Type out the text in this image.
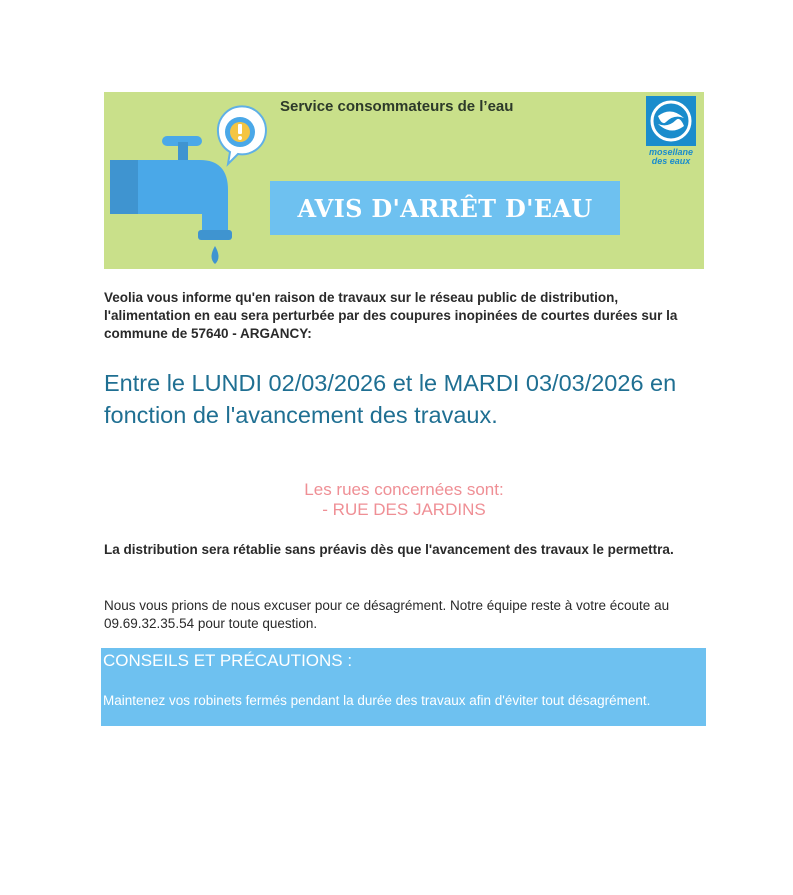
Service consommateurs de l’eau
AVIS D'ARRÊT D'EAU
mosellane
des eaux
Veolia vous informe qu'en raison de travaux sur le réseau public de distribution, l'alimentation en eau sera perturbée par des coupures inopinées de courtes durées sur la commune de 57640 - ARGANCY:
Entre le LUNDI 02/03/2026 et le MARDI 03/03/2026 en fonction de l'avancement des travaux.
Les rues concernées sont:
- RUE DES JARDINS
La distribution sera rétablie sans préavis dès que l'avancement des travaux le permettra.
Nous vous prions de nous excuser pour ce désagrément. Notre équipe reste à votre écoute au 09.69.32.35.54 pour toute question.
CONSEILS ET PRÉCAUTIONS :
Maintenez vos robinets fermés pendant la durée des travaux afin d'éviter tout désagrément.
